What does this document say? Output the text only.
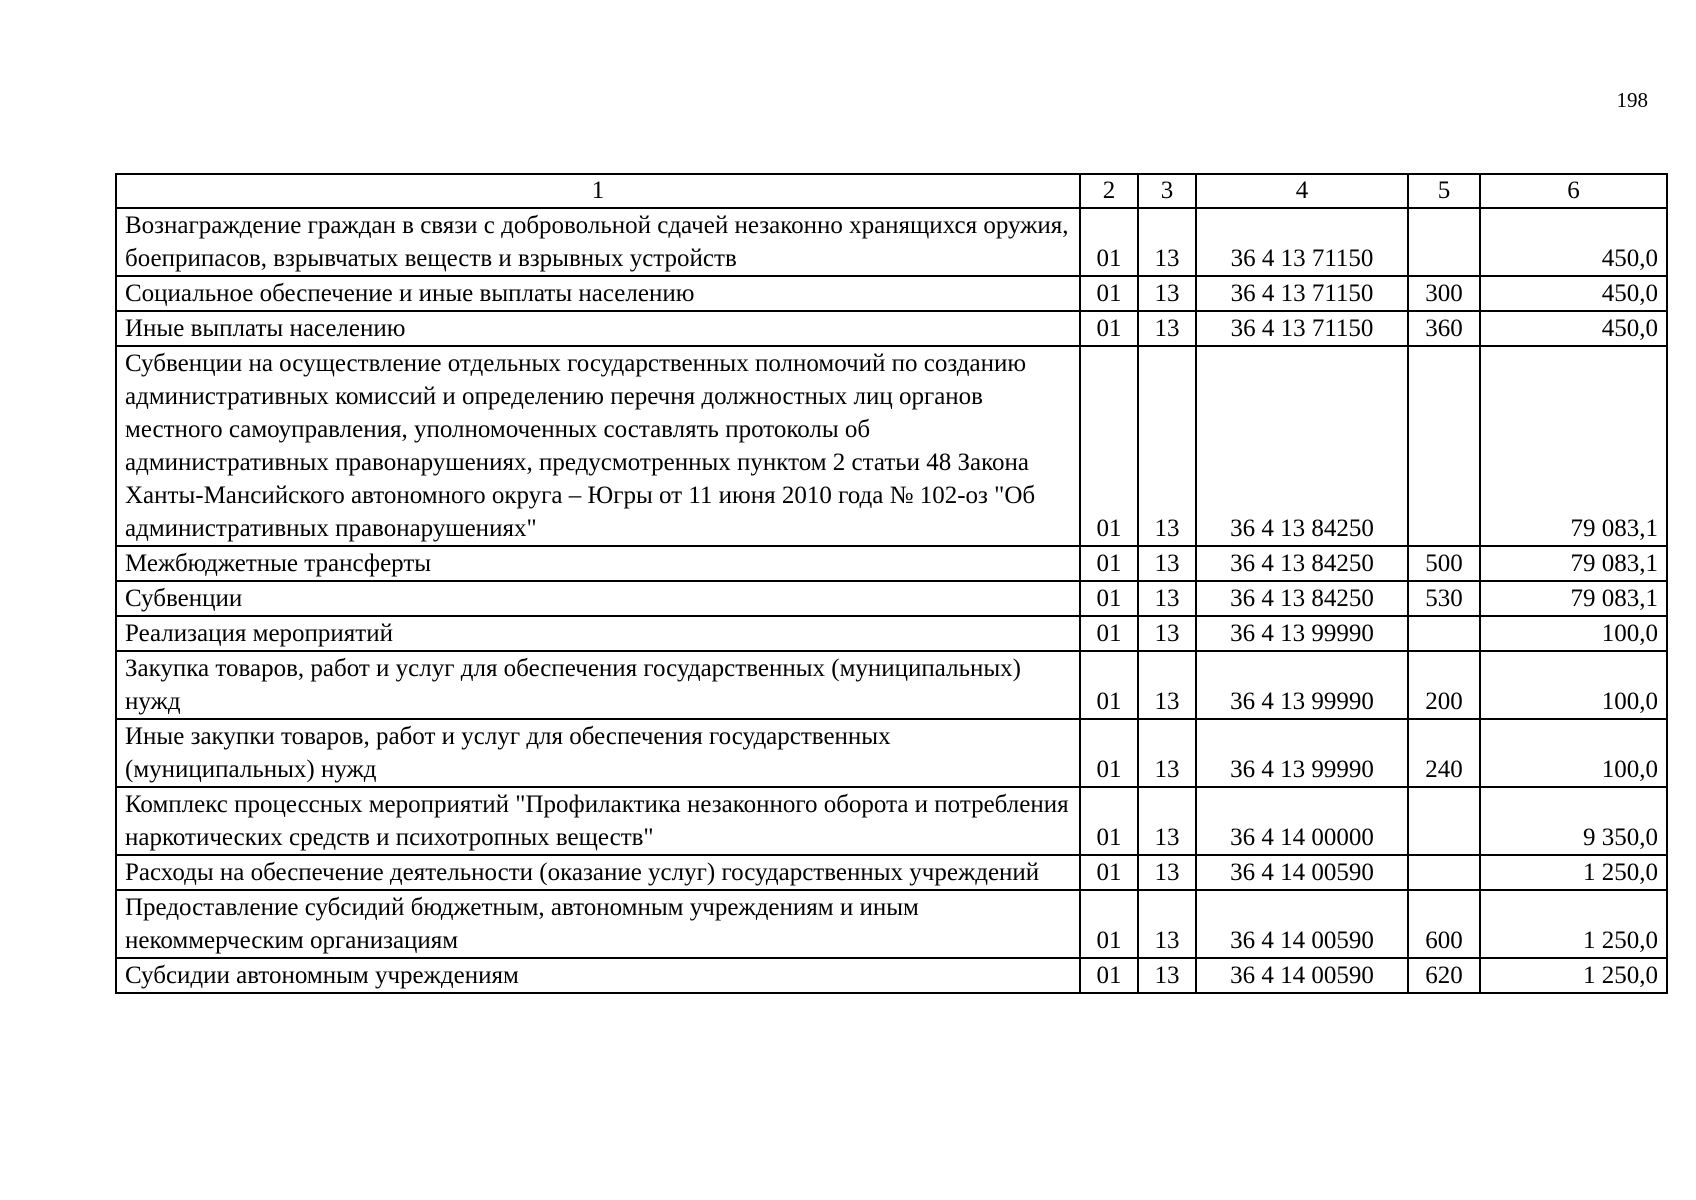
198
1	2	3	4	5	6
Вознаграждение граждан в связи с добровольной сдачей незаконно хранящихся оружия, боеприпасов, взрывчатых веществ и взрывных устройств	01	13	36 4 13 71150		450,0
Социальное обеспечение и иные выплаты населению	01	13	36 4 13 71150	300	450,0
Иные выплаты населению	01	13	36 4 13 71150	360	450,0
Субвенции на осуществление отдельных государственных полномочий по созданию административных комиссий и определению перечня должностных лиц органов местного самоуправления, уполномоченных составлять протоколы об административных правонарушениях, предусмотренных пунктом 2 статьи 48 Закона Ханты-Мансийского автономного округа – Югры от 11 июня 2010 года № 102-оз "Об административных правонарушениях"	01	13	36 4 13 84250		79 083,1
Межбюджетные трансферты	01	13	36 4 13 84250	500	79 083,1
Субвенции	01	13	36 4 13 84250	530	79 083,1
Реализация мероприятий	01	13	36 4 13 99990		100,0
Закупка товаров, работ и услуг для обеспечения государственных (муниципальных) нужд	01	13	36 4 13 99990	200	100,0
Иные закупки товаров, работ и услуг для обеспечения государственных (муниципальных) нужд	01	13	36 4 13 99990	240	100,0
Комплекс процессных мероприятий "Профилактика незаконного оборота и потребления наркотических средств и психотропных веществ"	01	13	36 4 14 00000		9 350,0
Расходы на обеспечение деятельности (оказание услуг) государственных учреждений	01	13	36 4 14 00590		1 250,0
Предоставление субсидий бюджетным, автономным учреждениям и иным некоммерческим организациям	01	13	36 4 14 00590	600	1 250,0
Субсидии автономным учреждениям	01	13	36 4 14 00590	620	1 250,0
